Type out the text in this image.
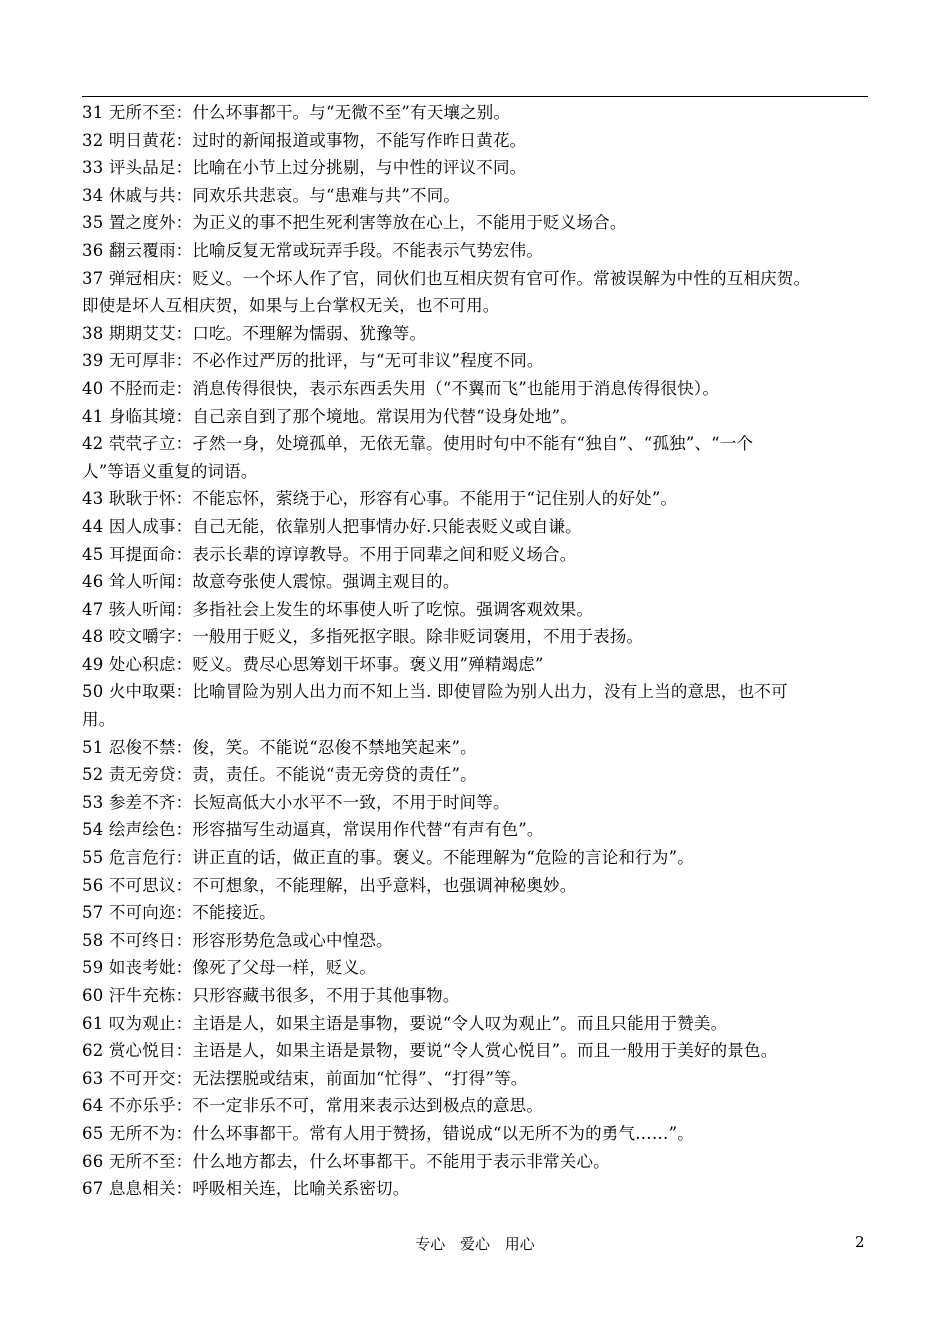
31 无所不至：什么坏事都干。与“无微不至”有天壤之别。
32 明日黄花：过时的新闻报道或事物，不能写作昨日黄花。
33 评头品足：比喻在小节上过分挑剔，与中性的评议不同。
34 休戚与共：同欢乐共悲哀。与“患难与共”不同。
35 置之度外：为正义的事不把生死利害等放在心上，不能用于贬义场合。
36 翻云覆雨：比喻反复无常或玩弄手段。不能表示气势宏伟。
37 弹冠相庆：贬义。一个坏人作了官，同伙们也互相庆贺有官可作。常被误解为中性的互相庆贺。
即使是坏人互相庆贺，如果与上台掌权无关，也不可用。
38 期期艾艾：口吃。不理解为懦弱、犹豫等。
39 无可厚非：不必作过严厉的批评，与“无可非议”程度不同。
40 不胫而走：消息传得很快，表示东西丢失用（“不翼而飞”也能用于消息传得很快）。
41 身临其境：自己亲自到了那个境地。常误用为代替“设身处地”。
42 茕茕孑立：孑然一身，处境孤单，无依无靠。使用时句中不能有“独自”、“孤独”、“一个
人”等语义重复的词语。
43 耿耿于怀：不能忘怀，萦绕于心，形容有心事。不能用于“记住别人的好处”。
44 因人成事：自己无能，依靠别人把事情办好.只能表贬义或自谦。
45 耳提面命：表示长辈的谆谆教导。不用于同辈之间和贬义场合。
46 耸人听闻：故意夸张使人震惊。强调主观目的。
47 骇人听闻：多指社会上发生的坏事使人听了吃惊。强调客观效果。
48 咬文嚼字：一般用于贬义，多指死抠字眼。除非贬词褒用，不用于表扬。
49 处心积虑：贬义。费尽心思筹划干坏事。褒义用”殚精竭虑”
50 火中取栗：比喻冒险为别人出力而不知上当. 即使冒险为别人出力，没有上当的意思，也不可
用。
51 忍俊不禁：俊，笑。不能说“忍俊不禁地笑起来”。
52 责无旁贷：责，责任。不能说“责无旁贷的责任”。
53 参差不齐：长短高低大小水平不一致，不用于时间等。
54 绘声绘色：形容描写生动逼真，常误用作代替“有声有色”。
55 危言危行：讲正直的话，做正直的事。褒义。不能理解为“危险的言论和行为”。
56 不可思议：不可想象，不能理解，出乎意料，也强调神秘奥妙。
57 不可向迩：不能接近。
58 不可终日：形容形势危急或心中惶恐。
59 如丧考妣：像死了父母一样，贬义。
60 汗牛充栋：只形容藏书很多，不用于其他事物。
61 叹为观止：主语是人，如果主语是事物，要说“令人叹为观止”。而且只能用于赞美。
62 赏心悦目：主语是人，如果主语是景物，要说“令人赏心悦目”。而且一般用于美好的景色。
63 不可开交：无法摆脱或结束，前面加“忙得”、“打得”等。
64 不亦乐乎：不一定非乐不可，常用来表示达到极点的意思。
65 无所不为：什么坏事都干。常有人用于赞扬，错说成“以无所不为的勇气……”。
66 无所不至：什么地方都去，什么坏事都干。不能用于表示非常关心。
67 息息相关：呼吸相关连，比喻关系密切。
专心 爱心 用心	2
